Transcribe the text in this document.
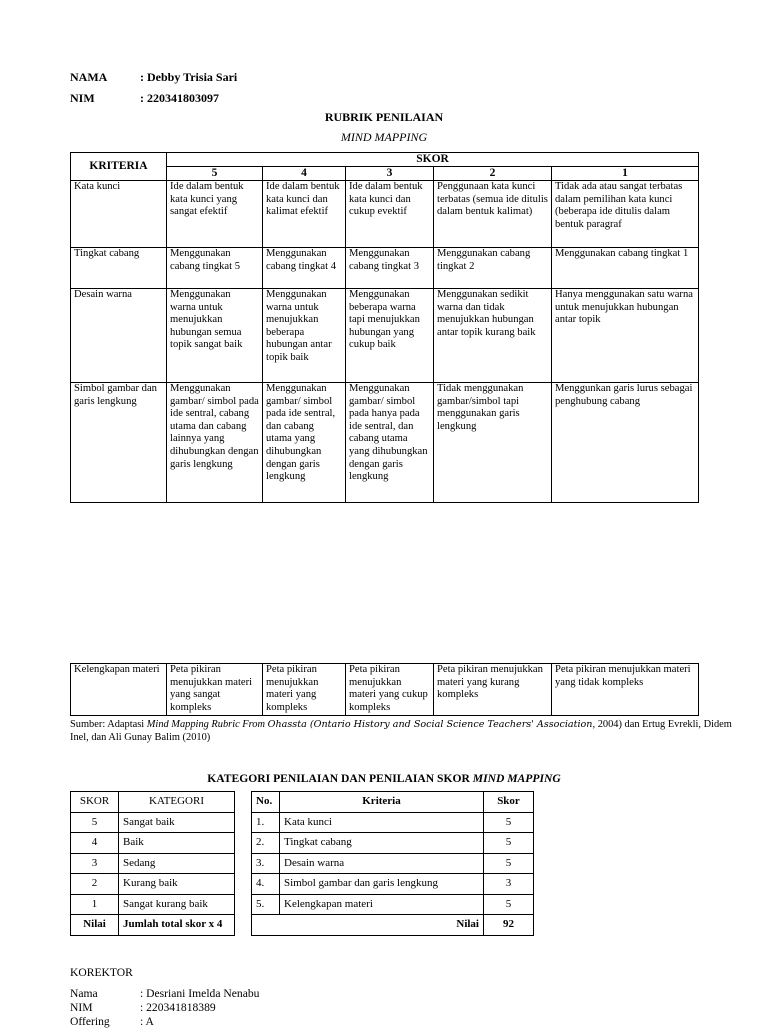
NAMA	: Debby Trisia Sari
NIM	: 220341803097
RUBRIK PENILAIAN
MIND MAPPING
KRITERIA	SKOR				
	5	4	3	2	1
Kata kunci	Ide dalam bentuk kata kunci yang sangat efektif	Ide dalam bentuk kata kunci dan kalimat efektif	Ide dalam bentuk kata kunci dan cukup evektif	Penggunaan kata kunci terbatas (semua ide ditulis dalam bentuk kalimat)	Tidak ada atau sangat terbatas dalam pemilihan kata kunci (beberapa ide ditulis dalam bentuk paragraf
Tingkat cabang	Menggunakan cabang tingkat 5	Menggunakan cabang tingkat 4	Menggunakan cabang tingkat 3	Menggunakan cabang tingkat 2	Menggunakan cabang tingkat 1
Desain warna	Menggunakan warna untuk menujukkan hubungan semua topik sangat baik	Menggunakan warna untuk menujukkan beberapa hubungan antar topik baik	Menggunakan beberapa warna tapi menujukkan hubungan yang cukup baik	Menggunakan sedikit warna dan tidak menujukkan hubungan antar topik kurang baik	Hanya menggunakan satu warna untuk menujukkan hubungan antar topik
Simbol gambar dan garis lengkung	Menggunakan gambar/ simbol pada ide sentral, cabang utama dan cabang lainnya yang dihubungkan dengan garis lengkung	Menggunakan gambar/ simbol pada ide sentral, dan cabang utama yang dihubungkan dengan garis lengkung	Menggunakan gambar/ simbol pada hanya pada ide sentral, dan cabang utama yang dihubungkan dengan garis lengkung	Tidak menggunakan gambar/simbol tapi menggunakan garis lengkung	Menggunkan garis lurus sebagai penghubung cabang
Kelengkapan materi	Peta pikiran menujukkan materi yang sangat kompleks	Peta pikiran menujukkan materi yang kompleks	Peta pikiran menujukkan materi yang cukup kompleks	Peta pikiran menujukkan materi yang kurang kompleks	Peta pikiran menujukkan materi yang tidak kompleks
Sumber: Adaptasi Mind Mapping Rubric From Ohassta (Ontario History and Social Science Teachers' Association, 2004) dan Ertug Evrekli, Didem Inel, dan Ali Gunay Balim (2010)
KATEGORI PENILAIAN DAN PENILAIAN SKOR MIND MAPPING
SKOR	KATEGORI
5	Sangat baik
4	Baik
3	Sedang
2	Kurang baik
1	Sangat kurang baik
Nilai	Jumlah total skor x 4
No.	Kriteria	Skor
1.	Kata kunci	5
2.	Tingkat cabang	5
3.	Desain warna	5
4.	Simbol gambar dan garis lengkung	3
5.	Kelengkapan materi	5
Nilai		92
KOREKTOR
Nama	: Desriani Imelda Nenabu
NIM	: 220341818389
Offering	: A
